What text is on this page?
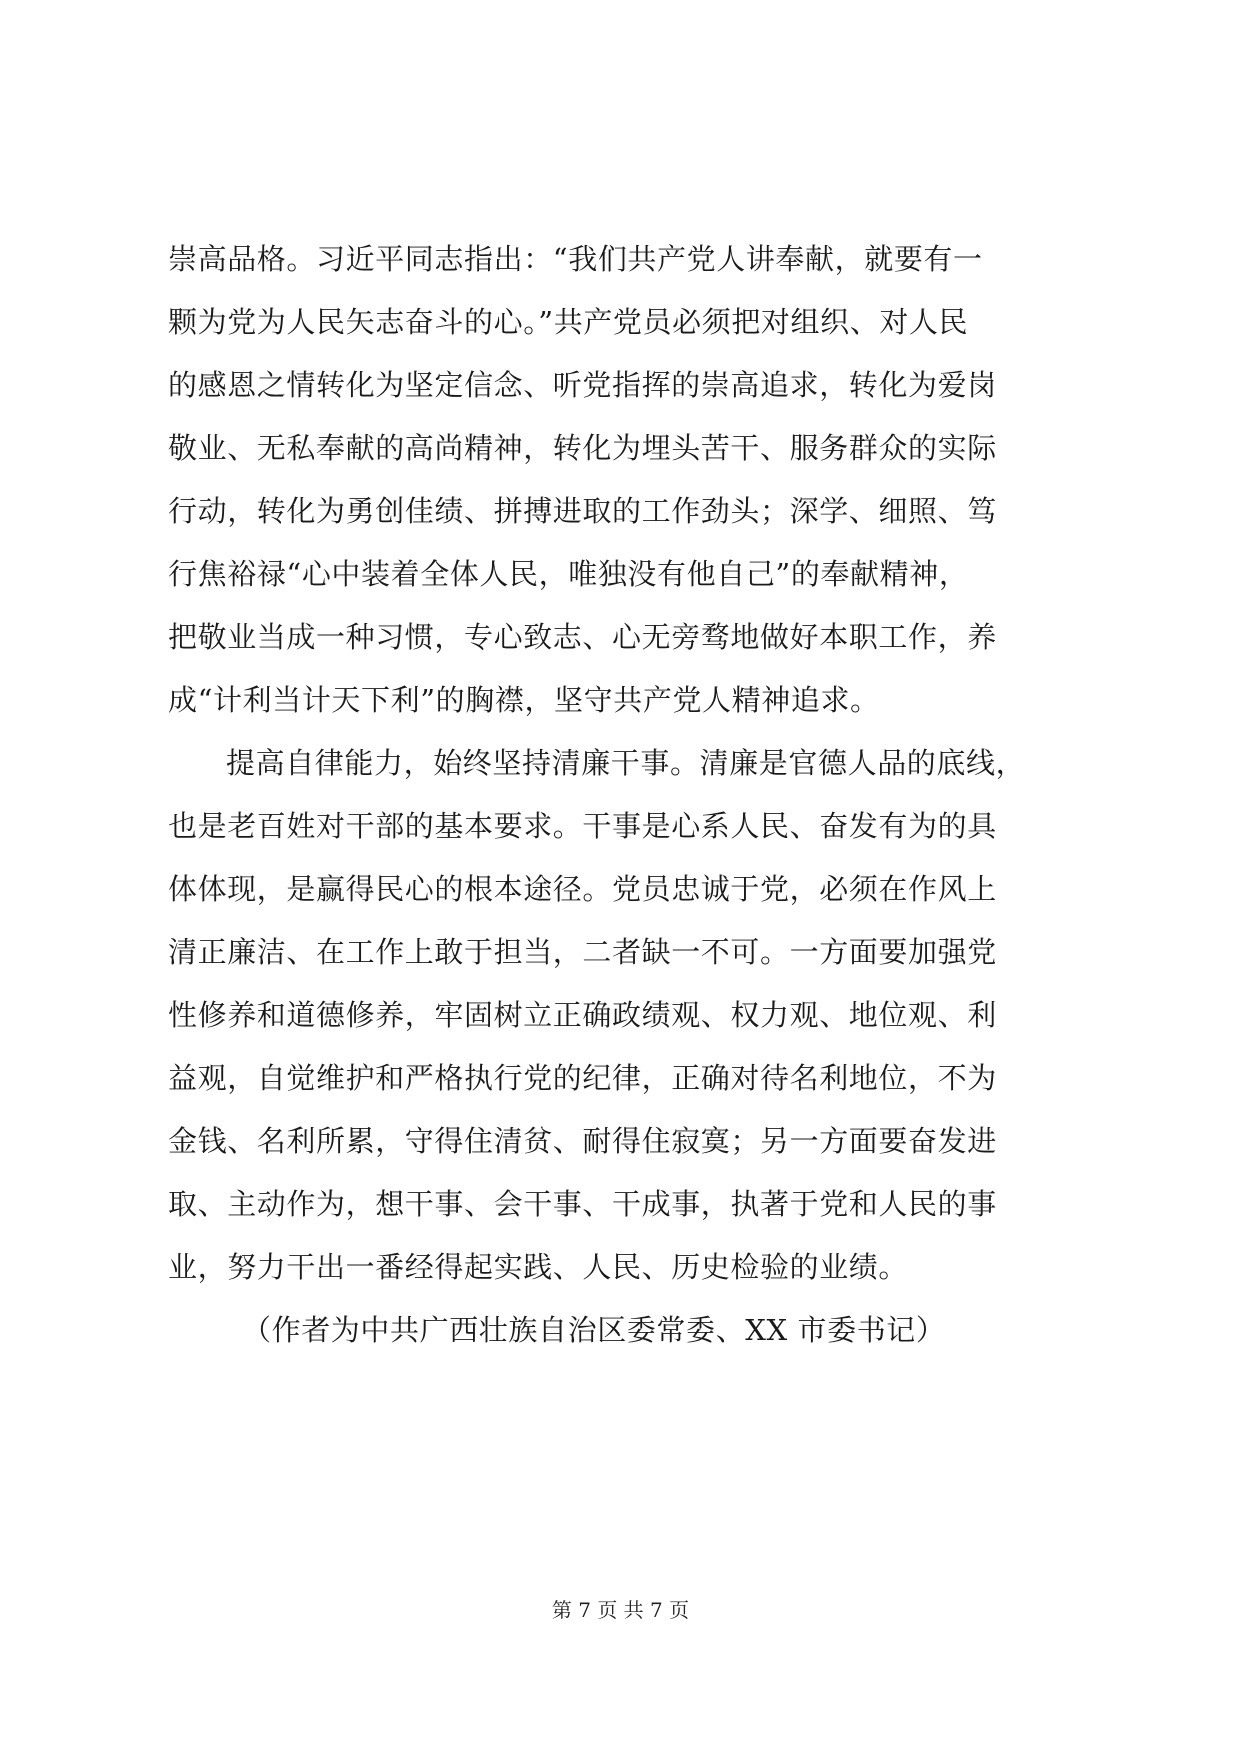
崇高品格。习近平同志指出：“我们共产党人讲奉献，就要有一
颗为党为人民矢志奋斗的心。”共产党员必须把对组织、对人民
的感恩之情转化为坚定信念、听党指挥的崇高追求，转化为爱岗
敬业、无私奉献的高尚精神，转化为埋头苦干、服务群众的实际
行动，转化为勇创佳绩、拼搏进取的工作劲头；深学、细照、笃
行焦裕禄“心中装着全体人民，唯独没有他自己”的奉献精神，
把敬业当成一种习惯，专心致志、心无旁骛地做好本职工作，养
成“计利当计天下利”的胸襟，坚守共产党人精神追求。
提高自律能力，始终坚持清廉干事。清廉是官德人品的底线，
也是老百姓对干部的基本要求。干事是心系人民、奋发有为的具
体体现，是赢得民心的根本途径。党员忠诚于党，必须在作风上
清正廉洁、在工作上敢于担当，二者缺一不可。一方面要加强党
性修养和道德修养，牢固树立正确政绩观、权力观、地位观、利
益观，自觉维护和严格执行党的纪律，正确对待名利地位，不为
金钱、名利所累，守得住清贫、耐得住寂寞；另一方面要奋发进
取、主动作为，想干事、会干事、干成事，执著于党和人民的事
业，努力干出一番经得起实践、人民、历史检验的业绩。
（作者为中共广西壮族自治区委常委、XX 市委书记）
第 7 页 共 7 页
